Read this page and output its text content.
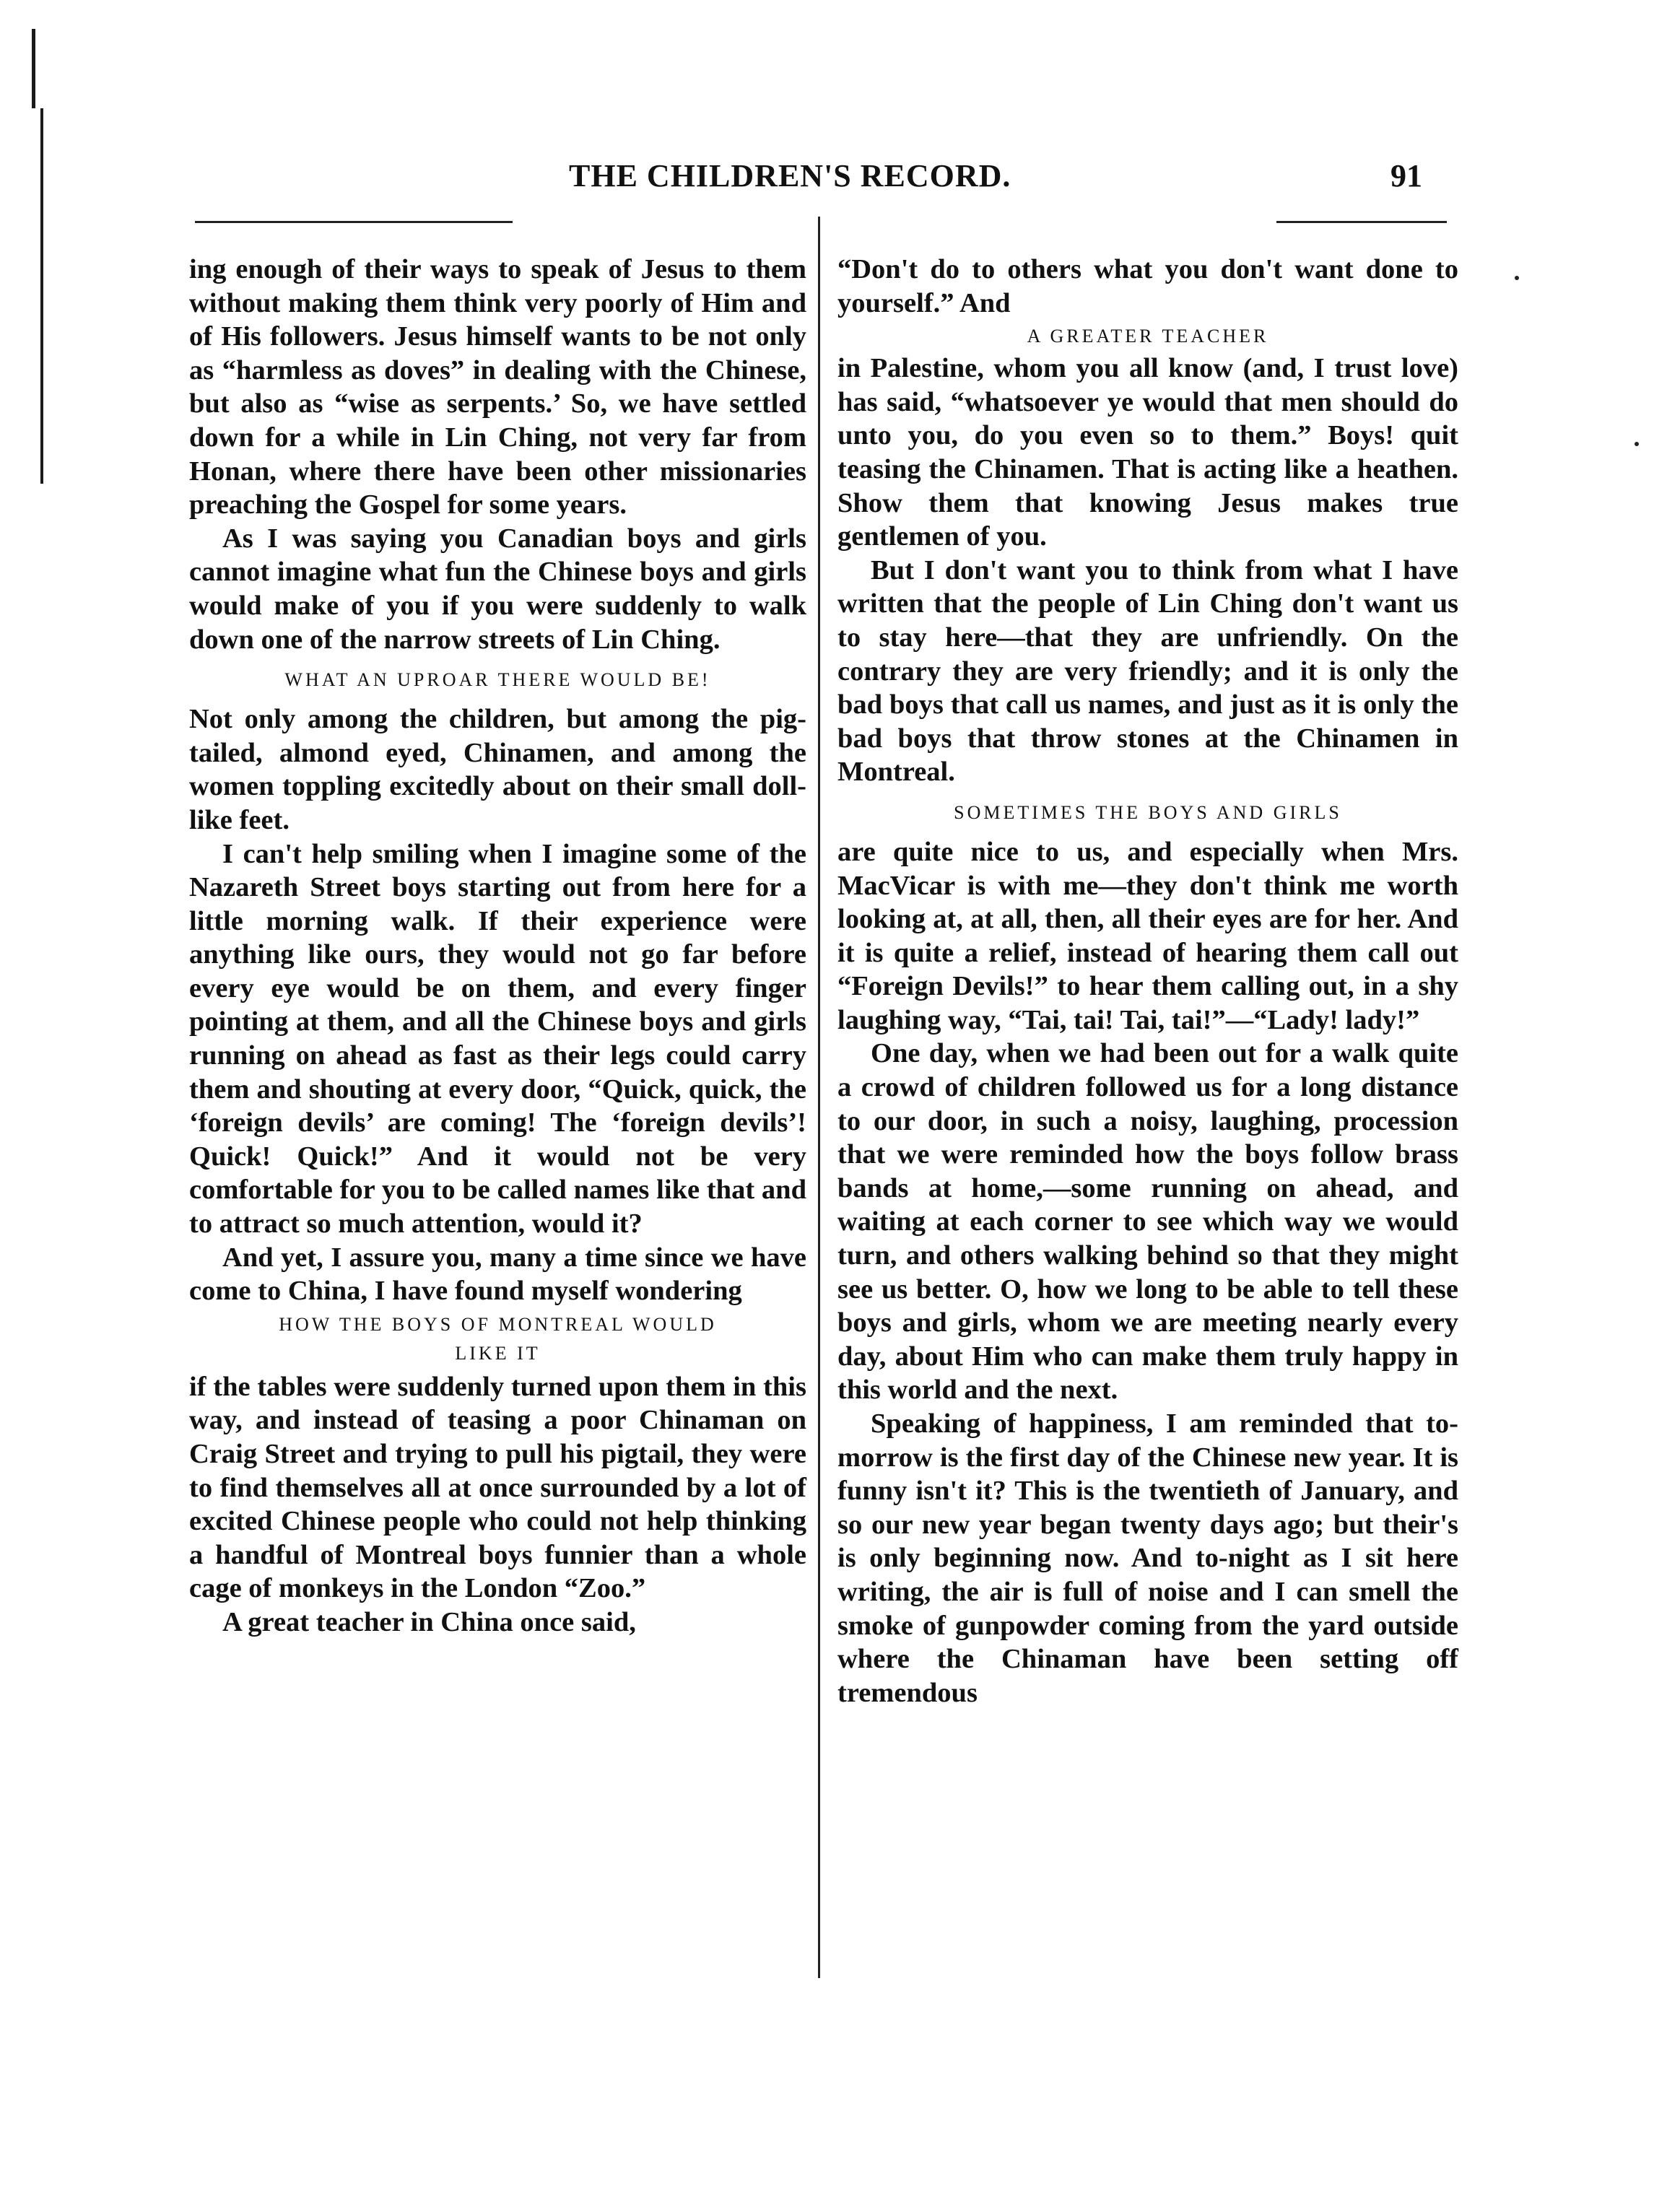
THE CHILDREN'S RECORD.	91

ing enough of their ways to speak of Jesus to them without making them think very poorly of Him and of His followers. Jesus himself wants to be not only as “harmless as doves” in dealing with the Chinese, but also as “wise as serpents.’ So, we have settled down for a while in Lin Ching, not very far from Honan, where there have been other missionaries preaching the Gospel for some years.

As I was saying you Canadian boys and girls cannot imagine what fun the Chinese boys and girls would make of you if you were suddenly to walk down one of the narrow streets of Lin Ching.

WHAT AN UPROAR THERE WOULD BE!

Not only among the children, but among the pig-tailed, almond eyed, Chinamen, and among the women toppling excitedly about on their small doll-like feet.

I can't help smiling when I imagine some of the Nazareth Street boys starting out from here for a little morning walk. If their experience were anything like ours, they would not go far before every eye would be on them, and every finger pointing at them, and all the Chinese boys and girls running on ahead as fast as their legs could carry them and shouting at every door, “Quick, quick, the ‘foreign devils’ are coming! The ‘foreign devils’! Quick! Quick!” And it would not be very comfortable for you to be called names like that and to attract so much attention, would it?

And yet, I assure you, many a time since we have come to China, I have found myself wondering

HOW THE BOYS OF MONTREAL WOULD
LIKE IT

if the tables were suddenly turned upon them in this way, and instead of teasing a poor Chinaman on Craig Street and trying to pull his pigtail, they were to find themselves all at once surrounded by a lot of excited Chinese people who could not help thinking a handful of Montreal boys funnier than a whole cage of monkeys in the London “Zoo.”

A great teacher in China once said,

“Don't do to others what you don't want done to yourself.” And

A GREATER TEACHER

in Palestine, whom you all know (and, I trust love) has said, “whatsoever ye would that men should do unto you, do you even so to them.” Boys! quit teasing the Chinamen. That is acting like a heathen. Show them that knowing Jesus makes true gentlemen of you.

But I don't want you to think from what I have written that the people of Lin Ching don't want us to stay here—that they are unfriendly. On the contrary they are very friendly; and it is only the bad boys that call us names, and just as it is only the bad boys that throw stones at the Chinamen in Montreal.

SOMETIMES THE BOYS AND GIRLS

are quite nice to us, and especially when Mrs. MacVicar is with me—they don't think me worth looking at, at all, then, all their eyes are for her. And it is quite a relief, instead of hearing them call out “Foreign Devils!” to hear them calling out, in a shy laughing way, “Tai, tai! Tai, tai!”—“Lady! lady!”

One day, when we had been out for a walk quite a crowd of children followed us for a long distance to our door, in such a noisy, laughing, procession that we were reminded how the boys follow brass bands at home,—some running on ahead, and waiting at each corner to see which way we would turn, and others walking behind so that they might see us better. O, how we long to be able to tell these boys and girls, whom we are meeting nearly every day, about Him who can make them truly happy in this world and the next.

Speaking of happiness, I am reminded that to-morrow is the first day of the Chinese new year. It is funny isn't it? This is the twentieth of January, and so our new year began twenty days ago; but their's is only beginning now. And to-night as I sit here writing, the air is full of noise and I can smell the smoke of gunpowder coming from the yard outside where the Chinaman have been setting off tremendous
